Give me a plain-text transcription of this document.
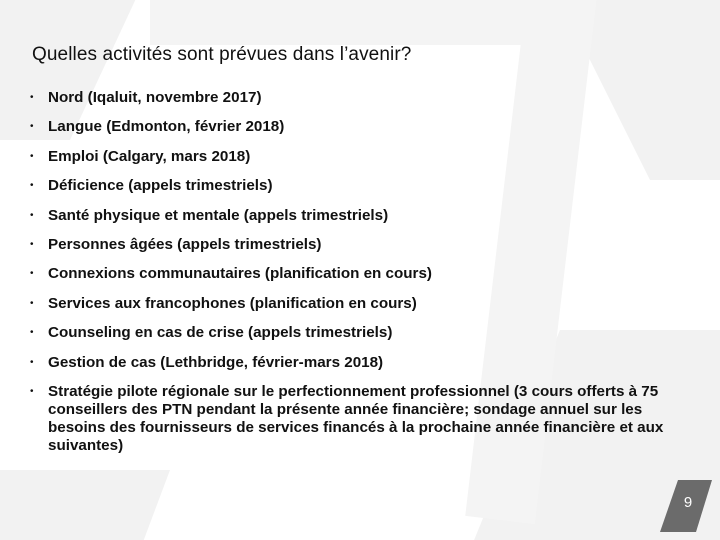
Quelles activités sont prévues dans l’avenir?
• Nord (Iqaluit, novembre 2017)
• Langue (Edmonton, février 2018)
• Emploi (Calgary, mars 2018)
• Déficience (appels trimestriels)
• Santé physique et mentale (appels trimestriels)
• Personnes âgées (appels trimestriels)
• Connexions communautaires (planification en cours)
• Services aux francophones (planification en cours)
• Counseling en cas de crise (appels trimestriels)
• Gestion de cas (Lethbridge, février-mars 2018)
• Stratégie pilote régionale sur le perfectionnement professionnel (3 cours offerts à 75 conseillers des PTN pendant la présente année financière; sondage annuel sur les besoins des fournisseurs de services financés à la prochaine année financière et aux suivantes)
9
